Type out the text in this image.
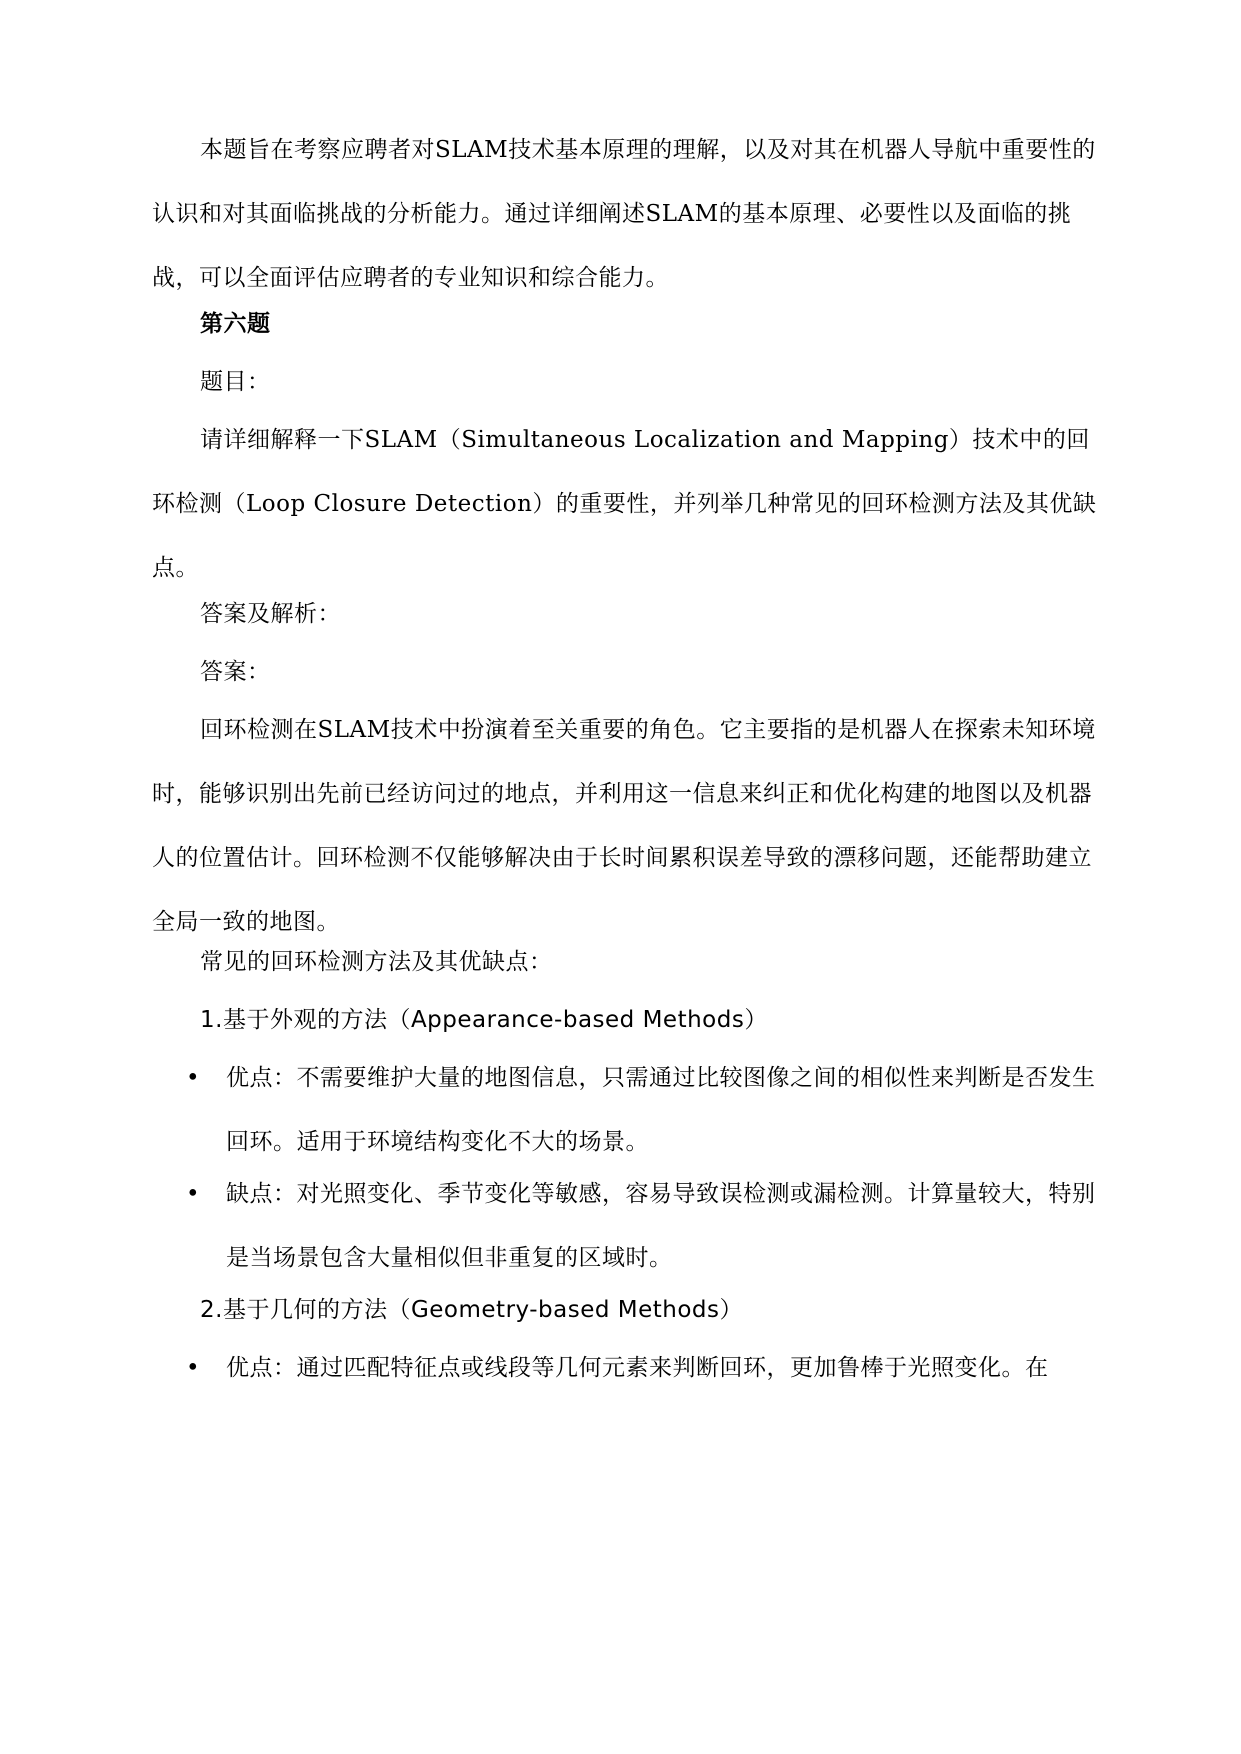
本题旨在考察应聘者对SLAM技术基本原理的理解，以及对其在机器人导航中重要性的认识和对其面临挑战的分析能力。通过详细阐述SLAM的基本原理、必要性以及面临的挑战，可以全面评估应聘者的专业知识和综合能力。

第六题

题目：

请详细解释一下SLAM（Simultaneous Localization and Mapping）技术中的回环检测（Loop Closure Detection）的重要性，并列举几种常见的回环检测方法及其优缺点。

答案及解析：

答案：

回环检测在SLAM技术中扮演着至关重要的角色。它主要指的是机器人在探索未知环境时，能够识别出先前已经访问过的地点，并利用这一信息来纠正和优化构建的地图以及机器人的位置估计。回环检测不仅能够解决由于长时间累积误差导致的漂移问题，还能帮助建立全局一致的地图。

常见的回环检测方法及其优缺点：

1.基于外观的方法（Appearance-based Methods）

• 优点：不需要维护大量的地图信息，只需通过比较图像之间的相似性来判断是否发生回环。适用于环境结构变化不大的场景。

• 缺点：对光照变化、季节变化等敏感，容易导致误检测或漏检测。计算量较大，特别是当场景包含大量相似但非重复的区域时。

2.基于几何的方法（Geometry-based Methods）

• 优点：通过匹配特征点或线段等几何元素来判断回环，更加鲁棒于光照变化。在
